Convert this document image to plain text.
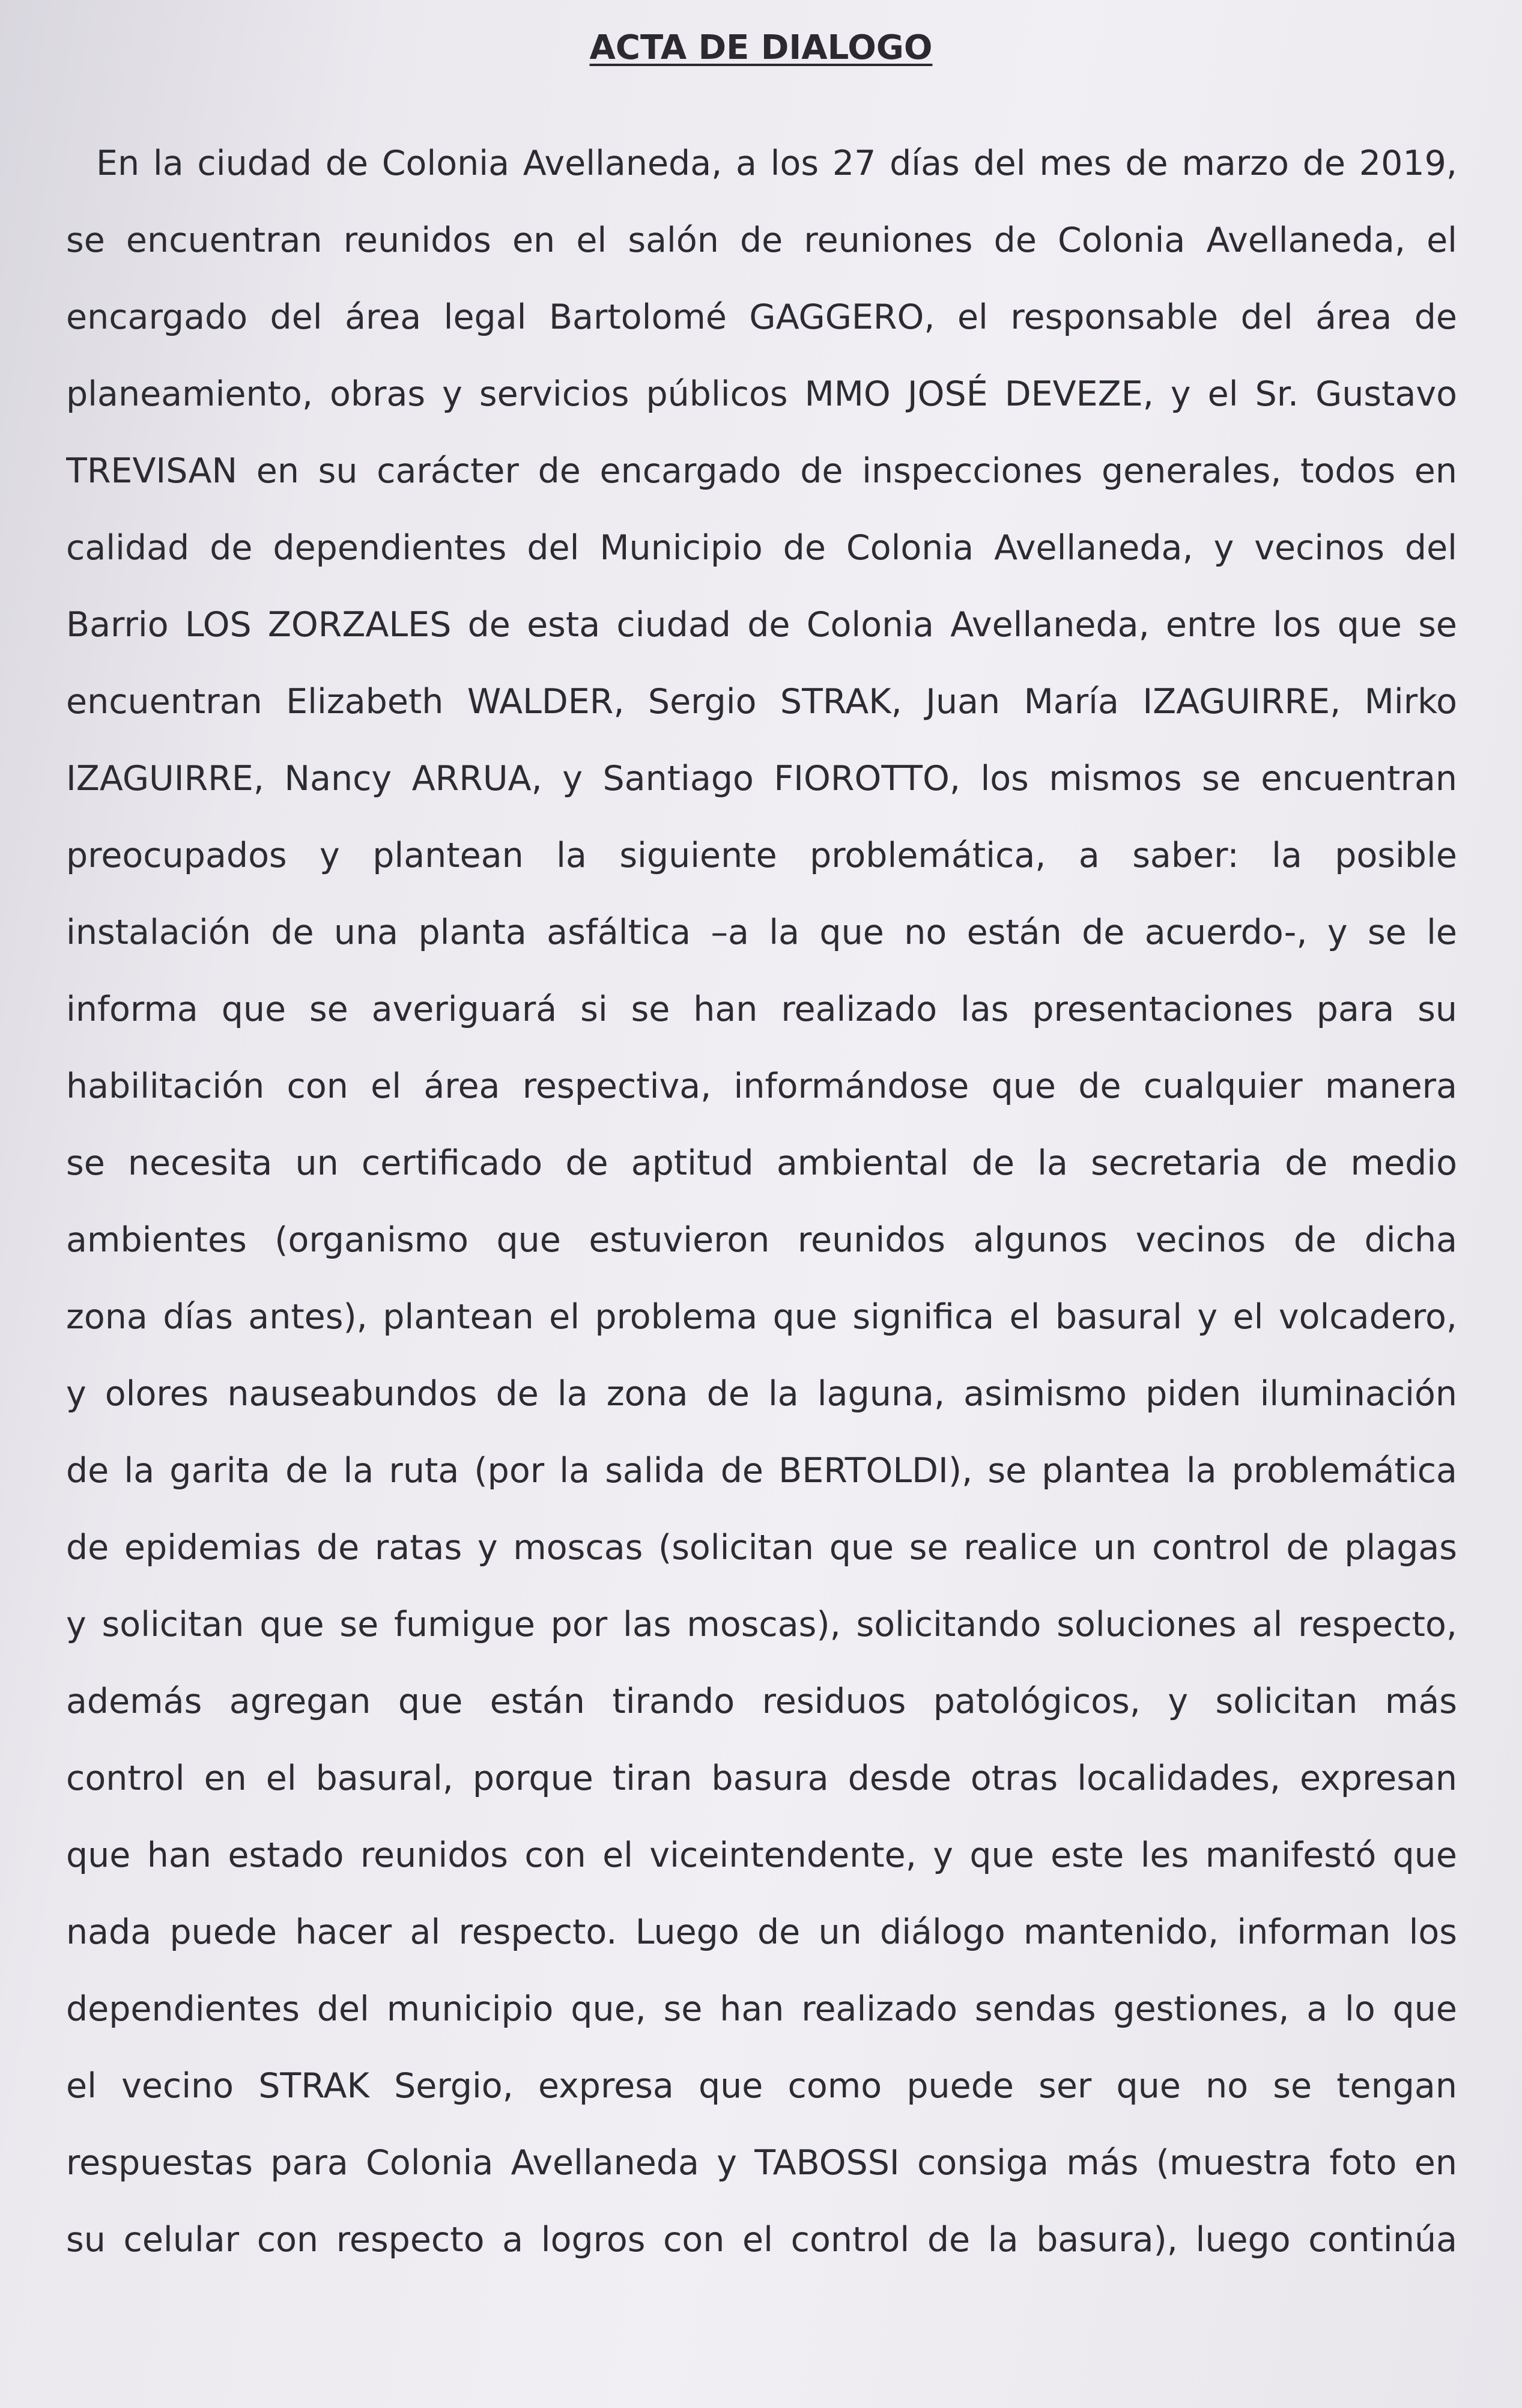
ACTA DE DIALOGO
En la ciudad de Colonia Avellaneda, a los 27 días del mes de marzo de 2019,
se encuentran reunidos en el salón de reuniones de Colonia Avellaneda, el
encargado del área legal Bartolomé GAGGERO, el responsable del área de
planeamiento, obras y servicios públicos MMO JOSÉ DEVEZE, y el Sr. Gustavo
TREVISAN en su carácter de encargado de inspecciones generales, todos en
calidad de dependientes del Municipio de Colonia Avellaneda, y vecinos del
Barrio LOS ZORZALES de esta ciudad de Colonia Avellaneda, entre los que se
encuentran Elizabeth WALDER, Sergio STRAK, Juan María IZAGUIRRE, Mirko
IZAGUIRRE, Nancy ARRUA, y Santiago FIOROTTO, los mismos se encuentran
preocupados y plantean la siguiente problemática, a saber: la posible
instalación de una planta asfáltica –a la que no están de acuerdo-, y se le
informa que se averiguará si se han realizado las presentaciones para su
habilitación con el área respectiva, informándose que de cualquier manera
se necesita un certificado de aptitud ambiental de la secretaria de medio
ambientes (organismo que estuvieron reunidos algunos vecinos de dicha
zona días antes), plantean el problema que significa el basural y el volcadero,
y olores nauseabundos de la zona de la laguna, asimismo piden iluminación
de la garita de la ruta (por la salida de BERTOLDI), se plantea la problemática
de epidemias de ratas y moscas (solicitan que se realice un control de plagas
y solicitan que se fumigue por las moscas), solicitando soluciones al respecto,
además agregan que están tirando residuos patológicos, y solicitan más
control en el basural, porque tiran basura desde otras localidades, expresan
que han estado reunidos con el viceintendente, y que este les manifestó que
nada puede hacer al respecto. Luego de un diálogo mantenido, informan los
dependientes del municipio que, se han realizado sendas gestiones, a lo que
el vecino STRAK Sergio, expresa que como puede ser que no se tengan
respuestas para Colonia Avellaneda y TABOSSI consiga más (muestra foto en
su celular con respecto a logros con el control de la basura), luego continúa
